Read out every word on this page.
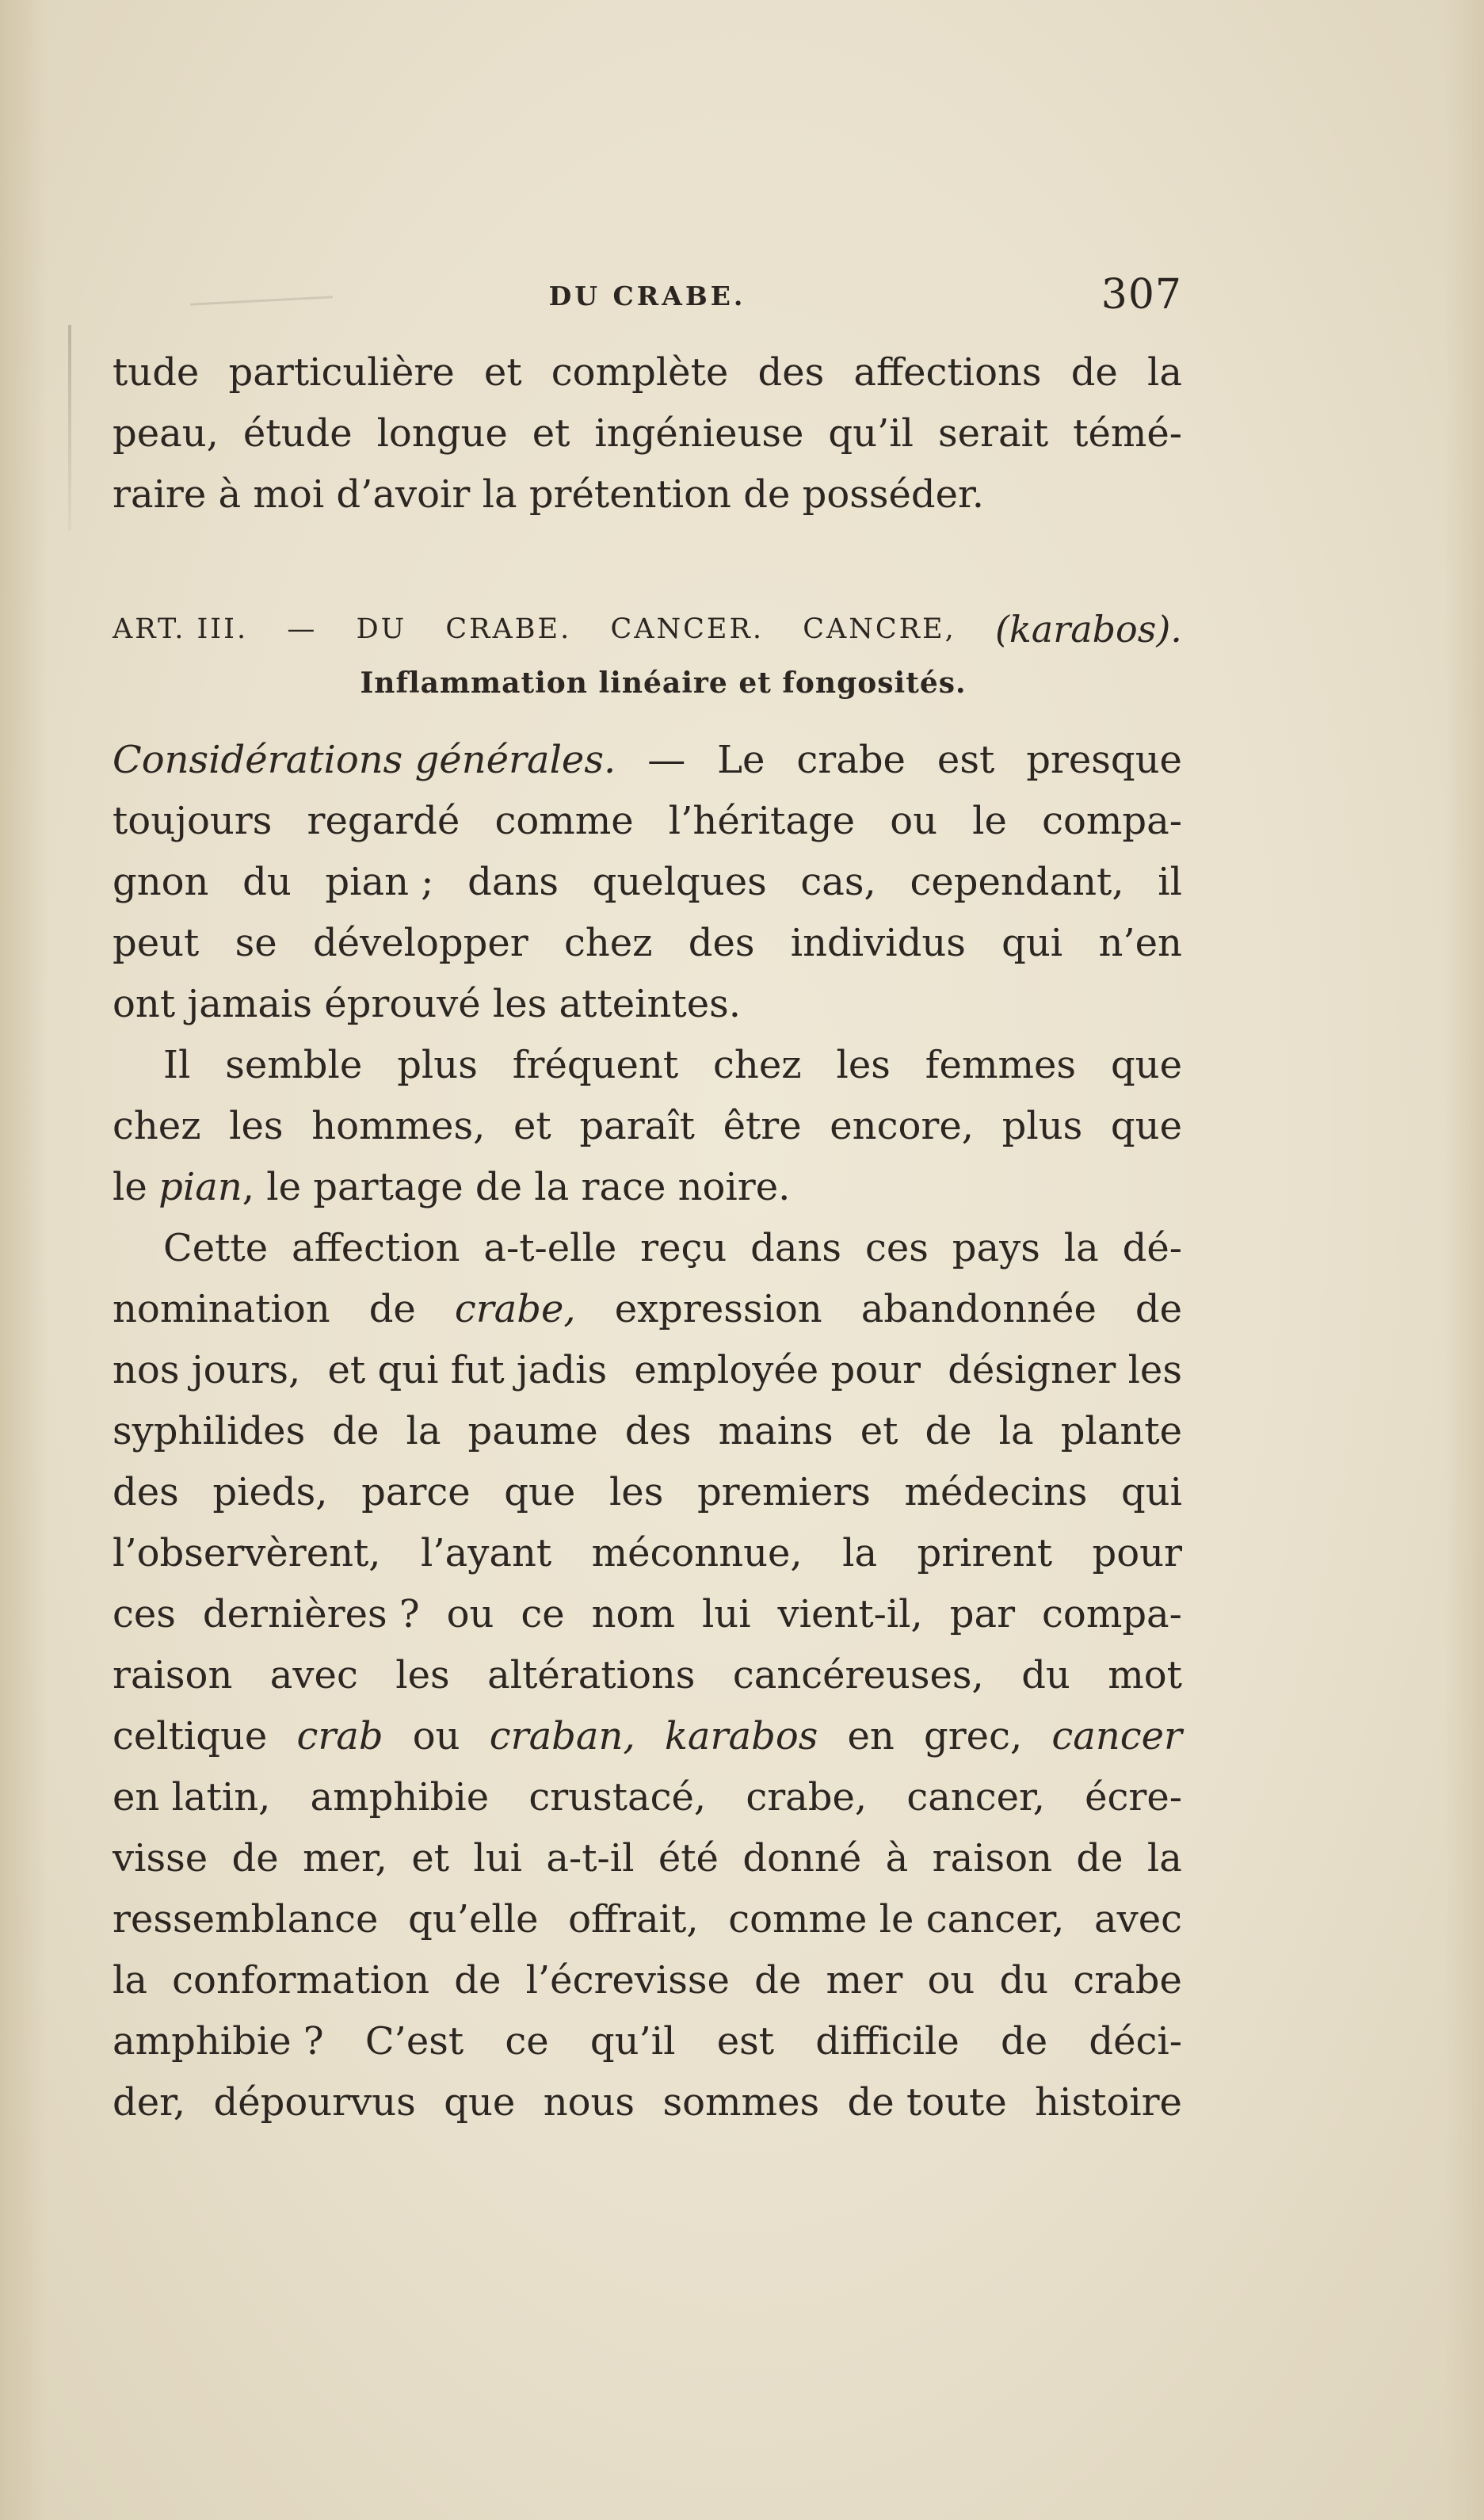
DU CRABE.	307
tude particulière et complète des affections de la
peau, étude longue et ingénieuse qu’il serait témé-
raire à moi d’avoir la prétention de posséder.
ART. III. — DU CRABE. CANCER. CANCRE, (karabos).
Inflammation linéaire et fongosités.
Considérations générales. — Le crabe est presque
toujours regardé comme l’héritage ou le compa-
gnon du pian ; dans quelques cas, cependant, il
peut se développer chez des individus qui n’en
ont jamais éprouvé les atteintes.
Il semble plus fréquent chez les femmes que
chez les hommes, et paraît être encore, plus que
le pian , le partage de la race noire.
Cette affection a-t-elle reçu dans ces pays la dé-
nomination de crabe, expression abandonnée de
nos jours, et qui fut jadis employée pour désigner les
syphilides de la paume des mains et de la plante
des pieds, parce que les premiers médecins qui
l’observèrent, l’ayant méconnue, la prirent pour
ces dernières ? ou ce nom lui vient-il, par compa-
raison avec les altérations cancéreuses, du mot
celtique crab ou craban, karabos en grec, cancer
en latin, amphibie crustacé, crabe, cancer, écre-
visse de mer, et lui a-t-il été donné à raison de la
ressemblance qu’elle offrait, comme le cancer, avec
la conformation de l’écrevisse de mer ou du crabe
amphibie ? C’est ce qu’il est difficile de déci-
der, dépourvus que nous sommes de toute histoire
